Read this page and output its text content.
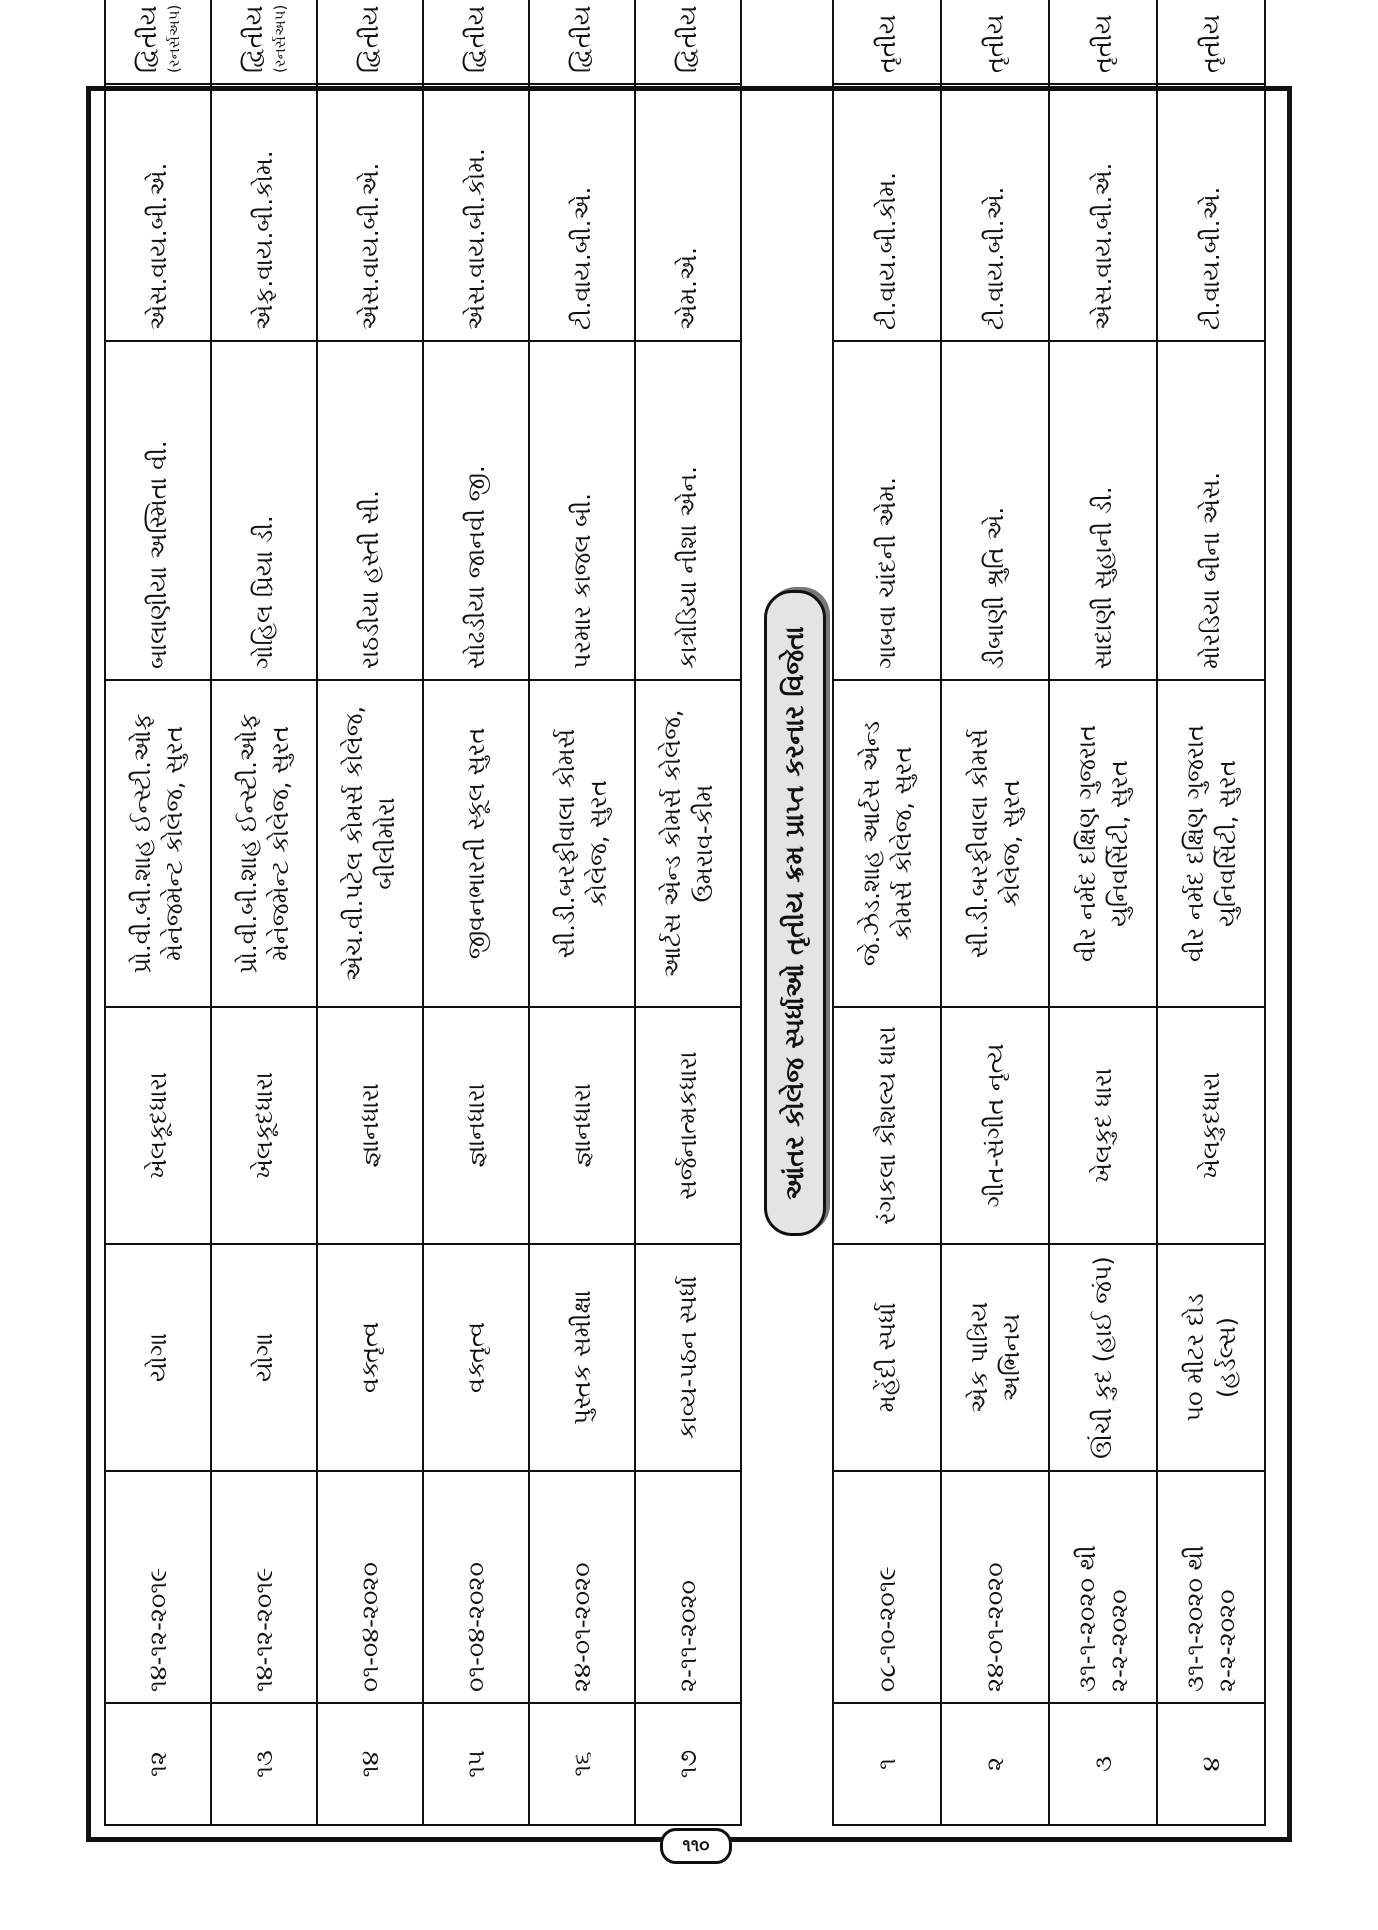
૧૨	૧૪-૧૨-૨૦૧૯	યોગા	ખેલકૂદધારા	પ્રો.વી.બી.શાહ ઈન્સ્ટી.ઓફ મેનેજમેન્ટ કોલેજ, સુરત	બાલાણીયા અસ્મિતા વી.	એસ.વાય.બી.એ.	દ્વિતીય (રનર્સઅપ)

૧૩	૧૪-૧૨-૨૦૧૯	યોગા	ખેલકૂદધારા	પ્રો.વી.બી.શાહ ઈન્સ્ટી.ઓફ મેનેજમેન્ટ કોલેજ, સુરત	ગોહિલ પ્રિયા ડી.	એફ.વાય.બી.કોમ.	દ્વિતીય (રનર્સઅપ)

૧૪	૦૧-૦૪-૨૦૨૦	વક્તૃત્વ	જ્ઞાનધારા	એચ.વી.પટેલ કોમર્સ કોલેજ, બીલીમોરા	રાઠડીયા હસ્તી સી.	એસ.વાય.બી.એ.	દ્વિતીય

૧૫	૦૧-૦૪-૨૦૨૦	વક્તૃત્વ	જ્ઞાનધારા	જીવનભારતી સ્કૂલ સુરત	સોઢડીયા જાનવી જી.	એસ.વાય.બી.કોમ.	દ્વિતીય

૧૬	૨૪-૦૧-૨૦૨૦	પુસ્તક સમીક્ષા	જ્ઞાનધારા	સી.ડી.બરફીવાલા કોમર્સ કોલેજ, સુરત	પરમાર કાજલ બી.	ટી.વાય.બી.એ.	દ્વિતીય

૧૭	૨-૧૧-૨૦૨૦	કાવ્ય-પઠન સ્પર્ધા	સર્જનાત્મકધારા	આર્ટસ એન્ડ કોમર્સ કોલેજ, ઉમરાવ-કીમ	કાત્રોડિયા નીશા એન.	એમ.એ.	દ્વિતીય
આંતર કોલેજ સ્પર્ધાઓ તૃતીય ક્રમ પ્રાપ્ત કરનાર વિજેતા
૧	૦૮-૧૦-૨૦૧૯	મહેંદી સ્પર્ધા	રંગકલા કૌશલ્ય ધારા	જે.ઝેડ.શાહ આર્ટસ એન્ડ કોમર્સ કોલેજ, સુરત	ગાબવા ચાંદની એમ.	ટી.વાય.બી.કોમ.	તૃતીય
૨	૨૪-૦૧-૨૦૨૦	એક પાત્રિય અભિનય	ગીત-સંગીત નૃત્ય	સી.ડી.બરફીવાલા કોમર્સ કોલેજ, સુરત	ડીબાણી શ્રુતિ એ.	ટી.વાય.બી.એ.	તૃતીય
૩	૩૧-૧-૨૦૨૦ થી ૨-૨-૨૦૨૦	ઊંચી કુદ (હાઈ જંપ)	ખેલકુદ ધારા	વીર નર્મદ દક્ષિણ ગુજરાત યુનિવર્સિટી, સુરત	સાદાણી સુહાની ડી.	એસ.વાય.બી.એ.	તૃતીય
૪	૩૧-૧-૨૦૨૦ થી ૨-૨-૨૦૨૦	૫૦ મીટર દોડ (હર્ડલ્સ)	ખેલકુદધારા	વીર નર્મદ દક્ષિણ ગુજરાત યુનિવર્સિટી, સુરત	મોરડિયા બીના એસ.	ટી.વાય.બી.એ.	તૃતીય
૧૧૦
